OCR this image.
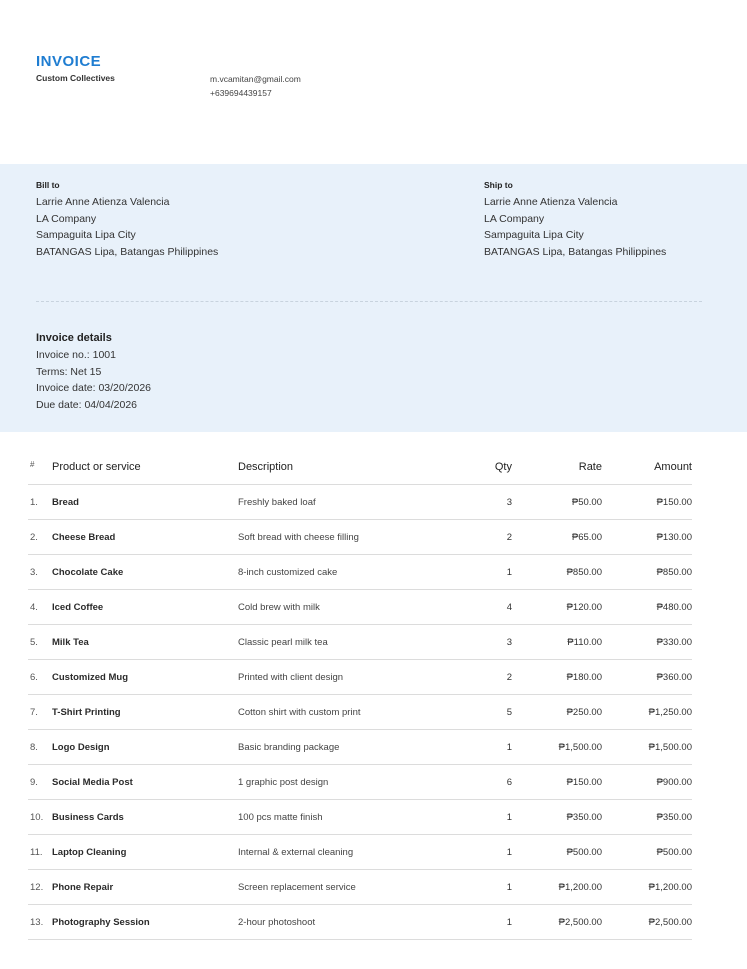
INVOICE
Custom Collectives	m.vcamitan@gmail.com
+639694439157
Bill to
Larrie Anne Atienza Valencia
LA Company
Sampaguita Lipa City
BATANGAS Lipa, Batangas Philippines
Ship to
Larrie Anne Atienza Valencia
LA Company
Sampaguita Lipa City
BATANGAS Lipa, Batangas Philippines
Invoice details
Invoice no.: 1001
Terms: Net 15
Invoice date: 03/20/2026
Due date: 04/04/2026
# Product or service	Description	Qty	Rate	Amount
1. Bread	Freshly baked loaf	3	₱50.00	₱150.00
2. Cheese Bread	Soft bread with cheese filling	2	₱65.00	₱130.00
3. Chocolate Cake	8-inch customized cake	1	₱850.00	₱850.00
4. Iced Coffee	Cold brew with milk	4	₱120.00	₱480.00
5. Milk Tea	Classic pearl milk tea	3	₱110.00	₱330.00
6. Customized Mug	Printed with client design	2	₱180.00	₱360.00
7. T-Shirt Printing	Cotton shirt with custom print	5	₱250.00	₱1,250.00
8. Logo Design	Basic branding package	1	₱1,500.00	₱1,500.00
9. Social Media Post	1 graphic post design	6	₱150.00	₱900.00
10. Business Cards	100 pcs matte finish	1	₱350.00	₱350.00
11. Laptop Cleaning	Internal & external cleaning	1	₱500.00	₱500.00
12. Phone Repair	Screen replacement service	1	₱1,200.00	₱1,200.00
13. Photography Session	2-hour photoshoot	1	₱2,500.00	₱2,500.00
